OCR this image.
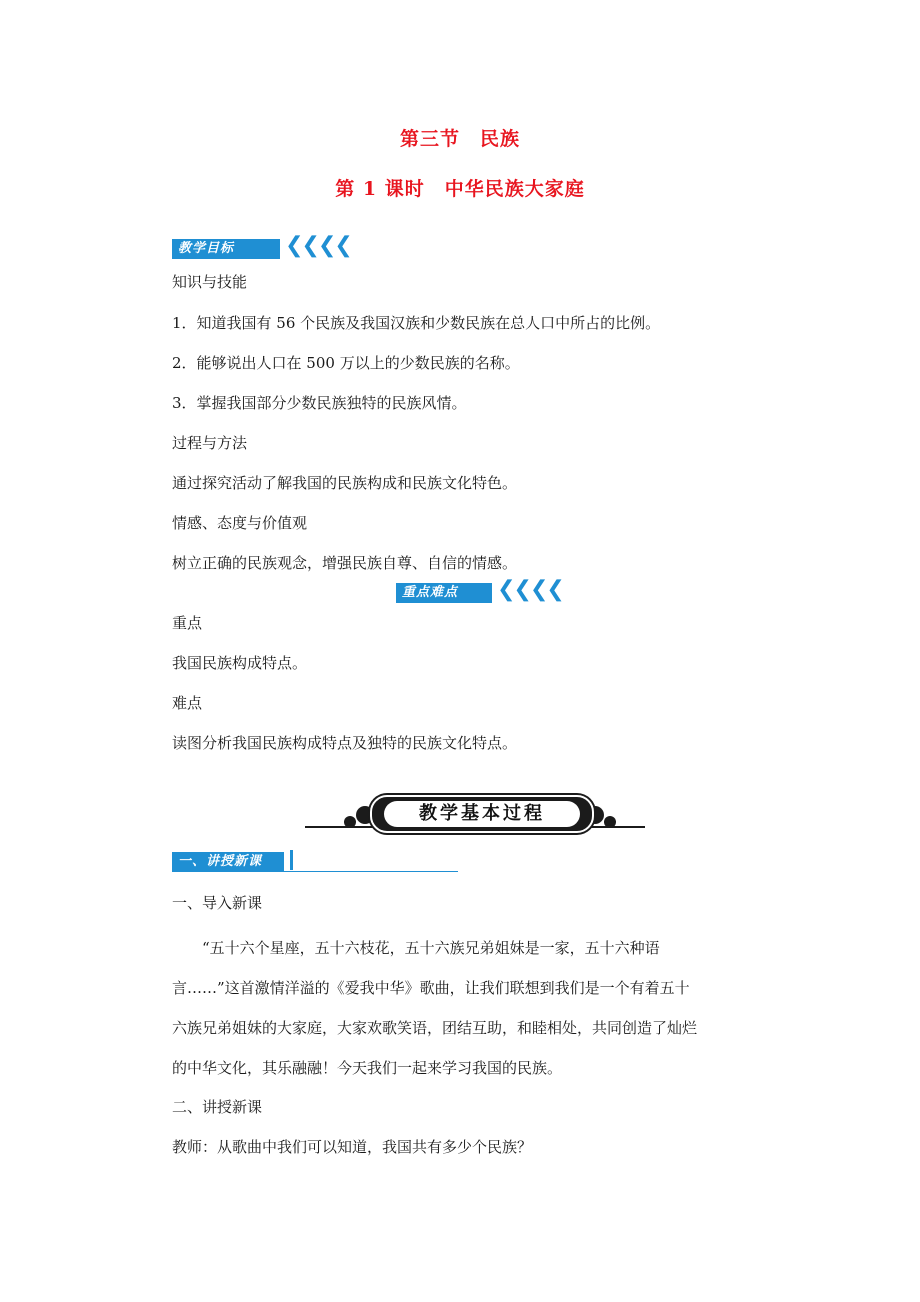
第三节　民族
第 1 课时　中华民族大家庭
教学目标 ❮❮❮❮
知识与技能
1．知道我国有 56 个民族及我国汉族和少数民族在总人口中所占的比例。
2．能够说出人口在 500 万以上的少数民族的名称。
3．掌握我国部分少数民族独特的民族风情。
过程与方法
通过探究活动了解我国的民族构成和民族文化特色。
情感、态度与价值观
树立正确的民族观念，增强民族自尊、自信的情感。
重点难点 ❮❮❮❮
重点
我国民族构成特点。
难点
读图分析我国民族构成特点及独特的民族文化特点。
教学基本过程
一、讲授新课
一、导入新课
“五十六个星座，五十六枝花，五十六族兄弟姐妹是一家，五十六种语言……”这首激情洋溢的《爱我中华》歌曲，让我们联想到我们是一个有着五十六族兄弟姐妹的大家庭，大家欢歌笑语，团结互助，和睦相处，共同创造了灿烂的中华文化，其乐融融！今天我们一起来学习我国的民族。
二、讲授新课
教师：从歌曲中我们可以知道，我国共有多少个民族？
